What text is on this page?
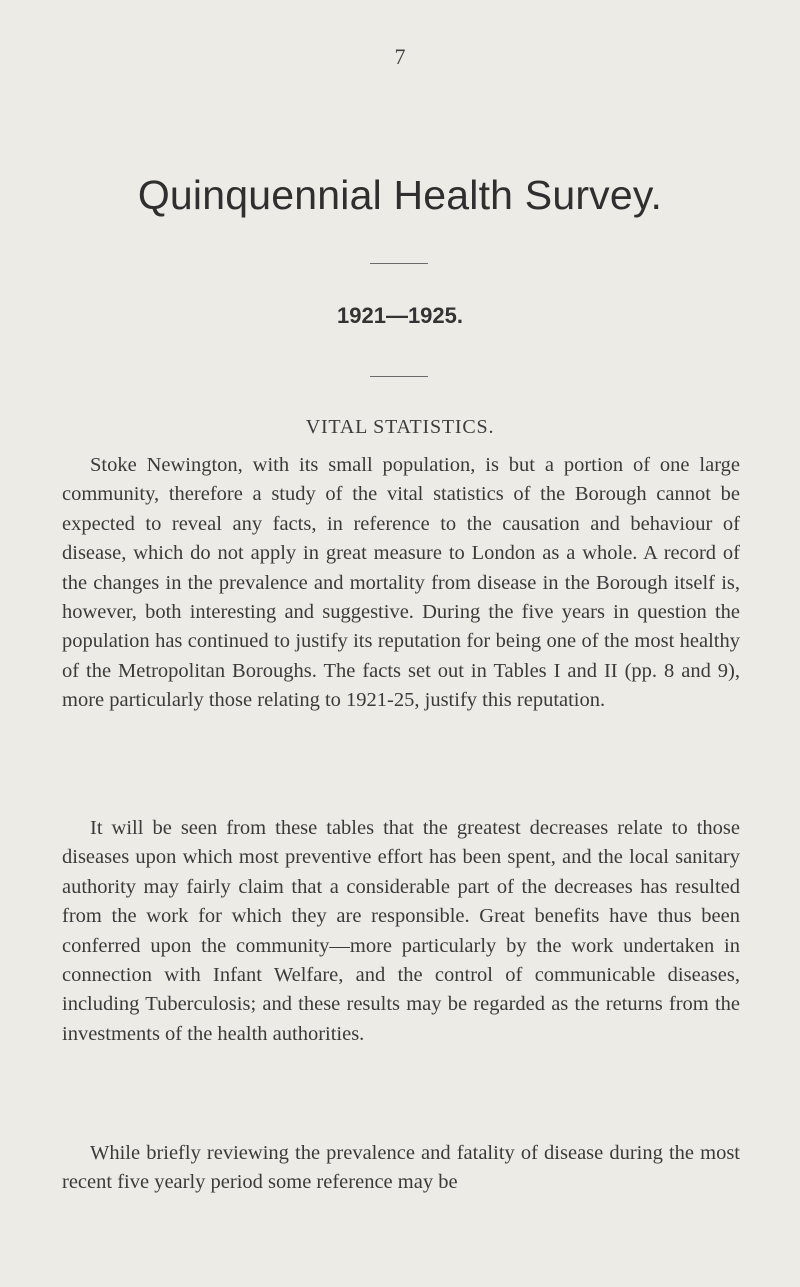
7
Quinquennial Health Survey.
1921—1925.
VITAL STATISTICS.

Stoke Newington, with its small population, is but a portion of one large community, therefore a study of the vital statistics of the Borough cannot be expected to reveal any facts, in reference to the causation and behaviour of disease, which do not apply in great measure to London as a whole. A record of the changes in the prevalence and mortality from disease in the Borough itself is, however, both interesting and suggestive. During the five years in question the population has continued to justify its reputation for being one of the most healthy of the Metropolitan Boroughs. The facts set out in Tables I and II (pp. 8 and 9), more particularly those relating to 1921-25, justify this reputation.

It will be seen from these tables that the greatest decreases relate to those diseases upon which most preventive effort has been spent, and the local sanitary authority may fairly claim that a considerable part of the decreases has resulted from the work for which they are responsible. Great benefits have thus been conferred upon the community—more particularly by the work undertaken in connection with Infant Welfare, and the control of communicable diseases, including Tuberculosis; and these results may be regarded as the returns from the investments of the health authorities.

While briefly reviewing the prevalence and fatality of disease during the most recent five yearly period some reference may be
